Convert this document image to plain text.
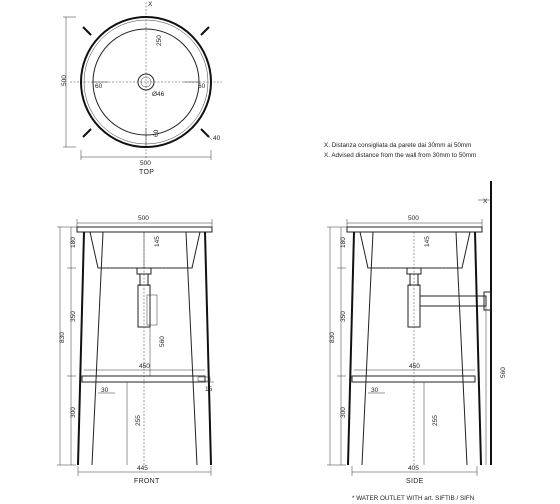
X
500
500
TOP
60	60
60
250
Ø46
40
X. Distanza consigliata da parete dai 30mm ai 50mm
X. Advised distance from the wall from 30mm to 50mm
500
145
180
350
300
830	560
450
30	15
255
445
FRONT
X
500
145
180
350
300
830
560
450
30
255
405
SIDE
* WATER OUTLET WITH art. SIFTIB / SIFN
